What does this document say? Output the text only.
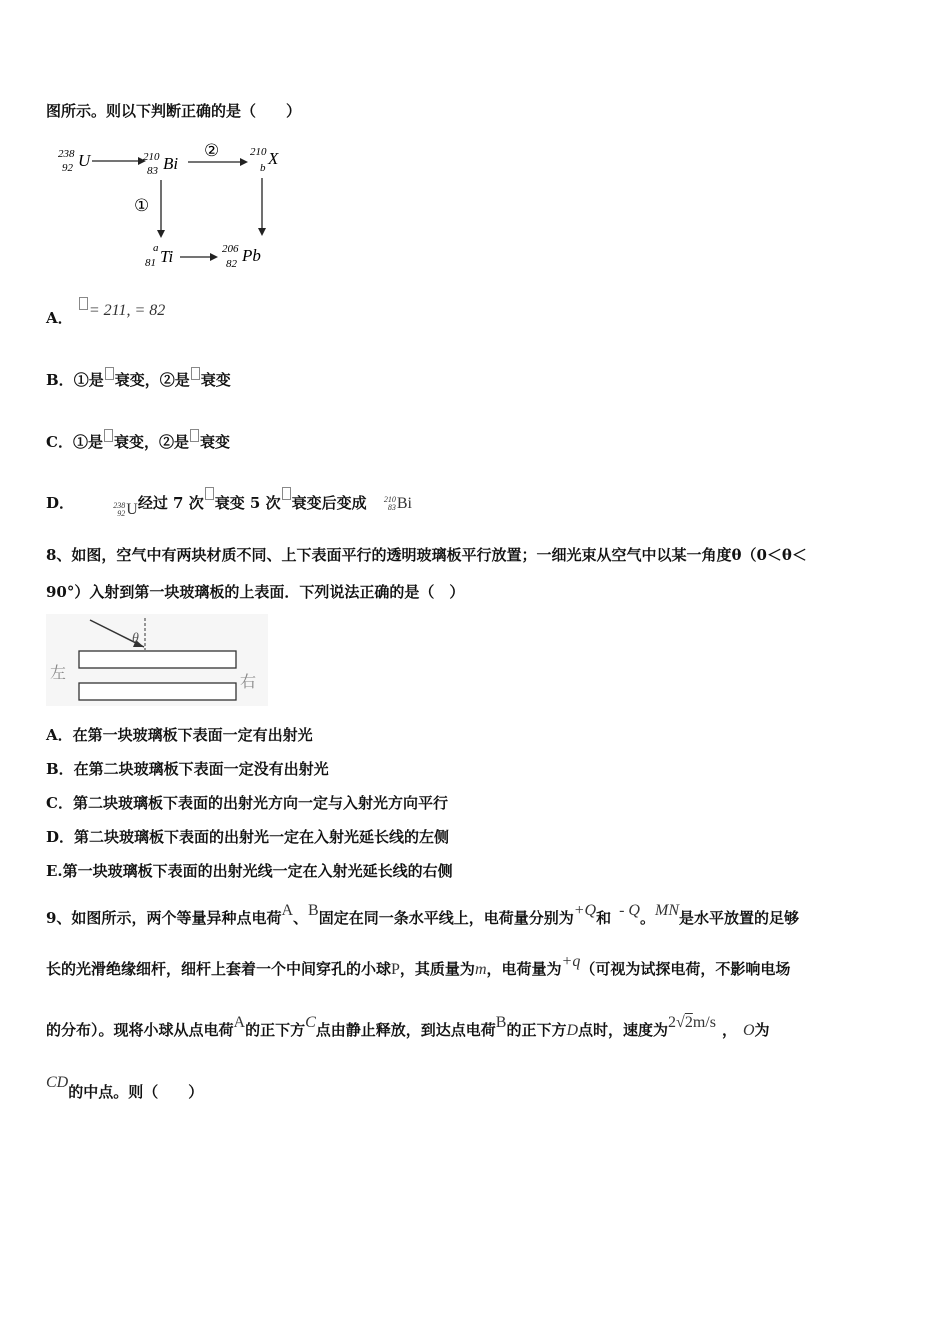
图所示。则以下判断正确的是（　　）
238
92 U	210
83 Bi
②	210
b X
①
a
81 Ti	206
82 Pb
A． = 211, = 82
B．①是 衰变，②是 衰变
C．①是 衰变，②是 衰变
D．	238
92 U 经过 7 次 衰变 5 次 衰变后变成 210
83 Bi
8、如图，空气中有两块材质不同、上下表面平行的透明玻璃板平行放置；一细光束从空气中以某一角度θ（0＜θ＜
90°）入射到第一块玻璃板的上表面．下列说法正确的是（　）
θ
左
右
A．在第一块玻璃板下表面一定有出射光
B．在第二块玻璃板下表面一定没有出射光
C．第二块玻璃板下表面的出射光方向一定与入射光方向平行
D．第二块玻璃板下表面的出射光一定在入射光延长线的左侧
E.第一块玻璃板下表面的出射光线一定在入射光延长线的右侧
9、如图所示，两个等量异种点电荷A、B固定在同一条水平线上，电荷量分别为+Q和 - Q。MN是水平放置的足够
长的光滑绝缘细杆，细杆上套着一个中间穿孔的小球P，其质量为m，电荷量为+q（可视为试探电荷，不影响电场
的分布）。现将小球从点电荷A的正下方C点由静止释放，到达点电荷B的正下方D点时，速度为2√2m/s ， O为
CD的中点。则（　　）
